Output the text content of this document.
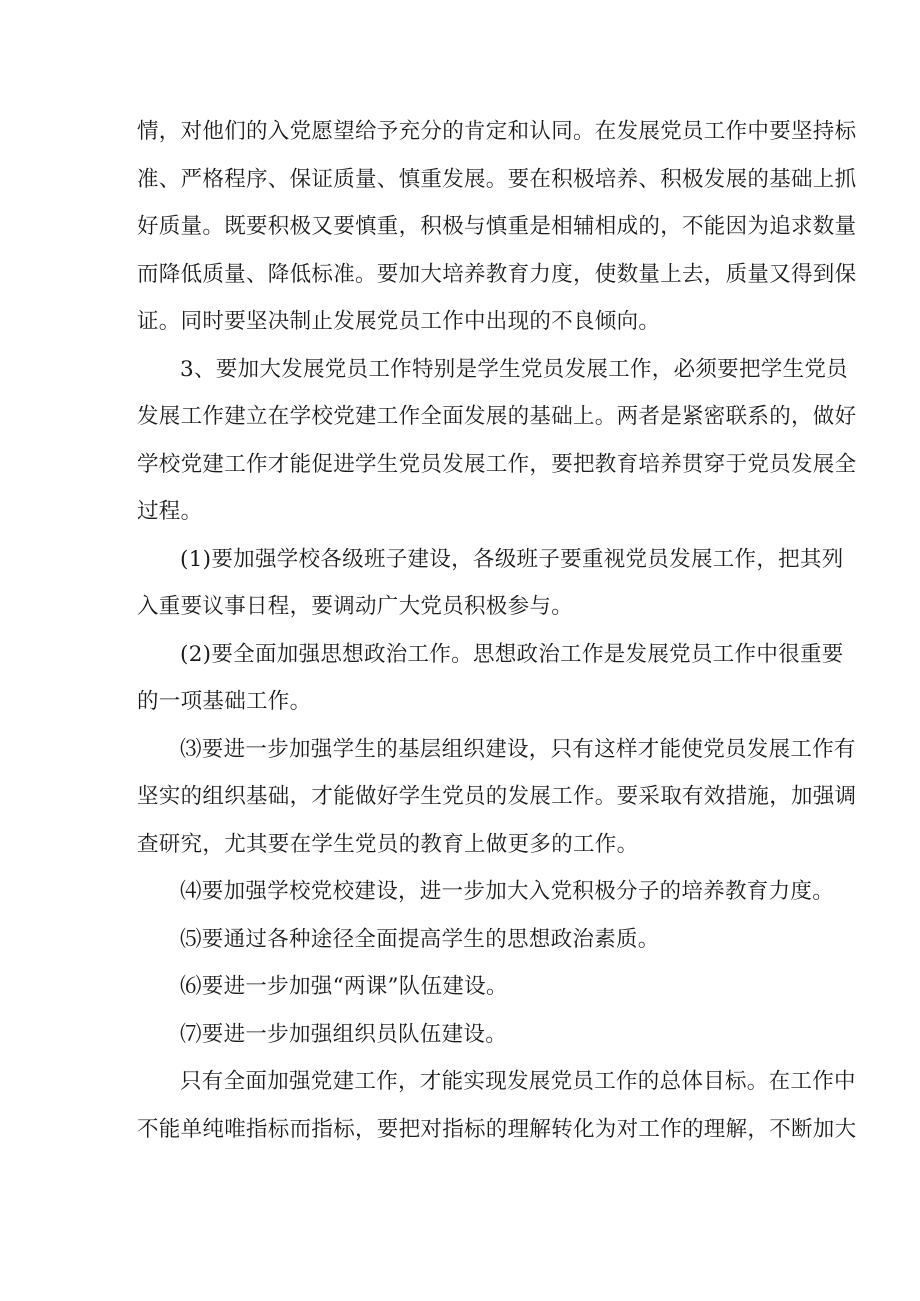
情，对他们的入党愿望给予充分的肯定和认同。在发展党员工作中要坚持标
准、严格程序、保证质量、慎重发展。要在积极培养、积极发展的基础上抓
好质量。既要积极又要慎重，积极与慎重是相辅相成的，不能因为追求数量
而降低质量、降低标准。要加大培养教育力度，使数量上去，质量又得到保
证。同时要坚决制止发展党员工作中出现的不良倾向。

3、要加大发展党员工作特别是学生党员发展工作，必须要把学生党员
发展工作建立在学校党建工作全面发展的基础上。两者是紧密联系的，做好
学校党建工作才能促进学生党员发展工作，要把教育培养贯穿于党员发展全
过程。

(1)要加强学校各级班子建设，各级班子要重视党员发展工作，把其列
入重要议事日程，要调动广大党员积极参与。

(2)要全面加强思想政治工作。思想政治工作是发展党员工作中很重要
的一项基础工作。

⑶要进一步加强学生的基层组织建设，只有这样才能使党员发展工作有
坚实的组织基础，才能做好学生党员的发展工作。要采取有效措施，加强调
查研究，尤其要在学生党员的教育上做更多的工作。

⑷要加强学校党校建设，进一步加大入党积极分子的培养教育力度。

⑸要通过各种途径全面提高学生的思想政治素质。

⑹要进一步加强“两课”队伍建设。

⑺要进一步加强组织员队伍建设。

只有全面加强党建工作，才能实现发展党员工作的总体目标。在工作中
不能单纯唯指标而指标，要把对指标的理解转化为对工作的理解，不断加大
